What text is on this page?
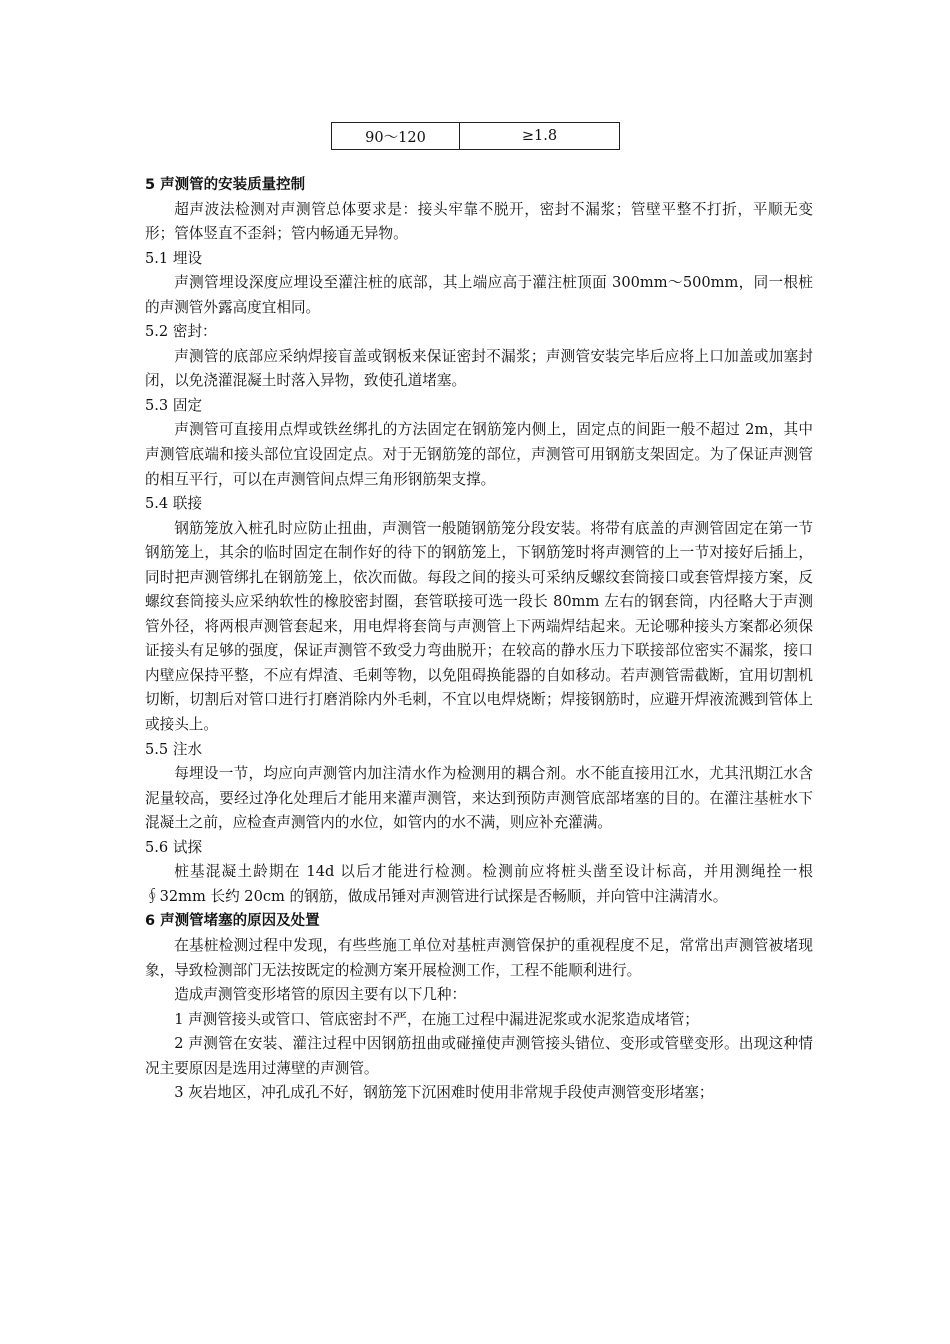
90～120	≥1.8

5 声测管的安装质量控制

超声波法检测对声测管总体要求是：接头牢靠不脱开，密封不漏浆；管壁平整不打折，平顺无变形；管体竖直不歪斜；管内畅通无异物。

5.1 埋设

声测管埋设深度应埋设至灌注桩的底部，其上端应高于灌注桩顶面 300mm～500mm，同一根桩的声测管外露高度宜相同。

5.2 密封：

声测管的底部应采纳焊接盲盖或钢板来保证密封不漏浆；声测管安装完毕后应将上口加盖或加塞封闭，以免浇灌混凝土时落入异物，致使孔道堵塞。

5.3 固定

声测管可直接用点焊或铁丝绑扎的方法固定在钢筋笼内侧上，固定点的间距一般不超过 2m，其中声测管底端和接头部位宜设固定点。对于无钢筋笼的部位，声测管可用钢筋支架固定。为了保证声测管的相互平行，可以在声测管间点焊三角形钢筋架支撑。

5.4 联接

钢筋笼放入桩孔时应防止扭曲，声测管一般随钢筋笼分段安装。将带有底盖的声测管固定在第一节钢筋笼上，其余的临时固定在制作好的待下的钢筋笼上，下钢筋笼时将声测管的上一节对接好后插上，同时把声测管绑扎在钢筋笼上，依次而做。每段之间的接头可采纳反螺纹套筒接口或套管焊接方案，反螺纹套筒接头应采纳软性的橡胶密封圈，套管联接可选一段长 80mm 左右的钢套筒，内径略大于声测管外径，将两根声测管套起来，用电焊将套筒与声测管上下两端焊结起来。无论哪种接头方案都必须保证接头有足够的强度，保证声测管不致受力弯曲脱开；在较高的静水压力下联接部位密实不漏浆，接口内壁应保持平整，不应有焊渣、毛刺等物，以免阻碍换能器的自如移动。若声测管需截断，宜用切割机切断，切割后对管口进行打磨消除内外毛刺，不宜以电焊烧断；焊接钢筋时，应避开焊液流溅到管体上或接头上。

5.5 注水

每埋设一节，均应向声测管内加注清水作为检测用的耦合剂。水不能直接用江水，尤其汛期江水含泥量较高，要经过净化处理后才能用来灌声测管，来达到预防声测管底部堵塞的目的。在灌注基桩水下混凝土之前，应检查声测管内的水位，如管内的水不满，则应补充灌满。

5.6 试探

桩基混凝土龄期在 14d 以后才能进行检测。检测前应将桩头凿至设计标高，并用测绳拴一根∮32mm 长约 20cm 的钢筋，做成吊锤对声测管进行试探是否畅顺，并向管中注满清水。

6 声测管堵塞的原因及处置

在基桩检测过程中发现，有些些施工单位对基桩声测管保护的重视程度不足，常常出声测管被堵现象，导致检测部门无法按既定的检测方案开展检测工作，工程不能顺利进行。

造成声测管变形堵管的原因主要有以下几种：

1 声测管接头或管口、管底密封不严，在施工过程中漏进泥浆或水泥浆造成堵管；

2 声测管在安装、灌注过程中因钢筋扭曲或碰撞使声测管接头错位、变形或管壁变形。出现这种情况主要原因是选用过薄壁的声测管。

3 灰岩地区，冲孔成孔不好，钢筋笼下沉困难时使用非常规手段使声测管变形堵塞；
